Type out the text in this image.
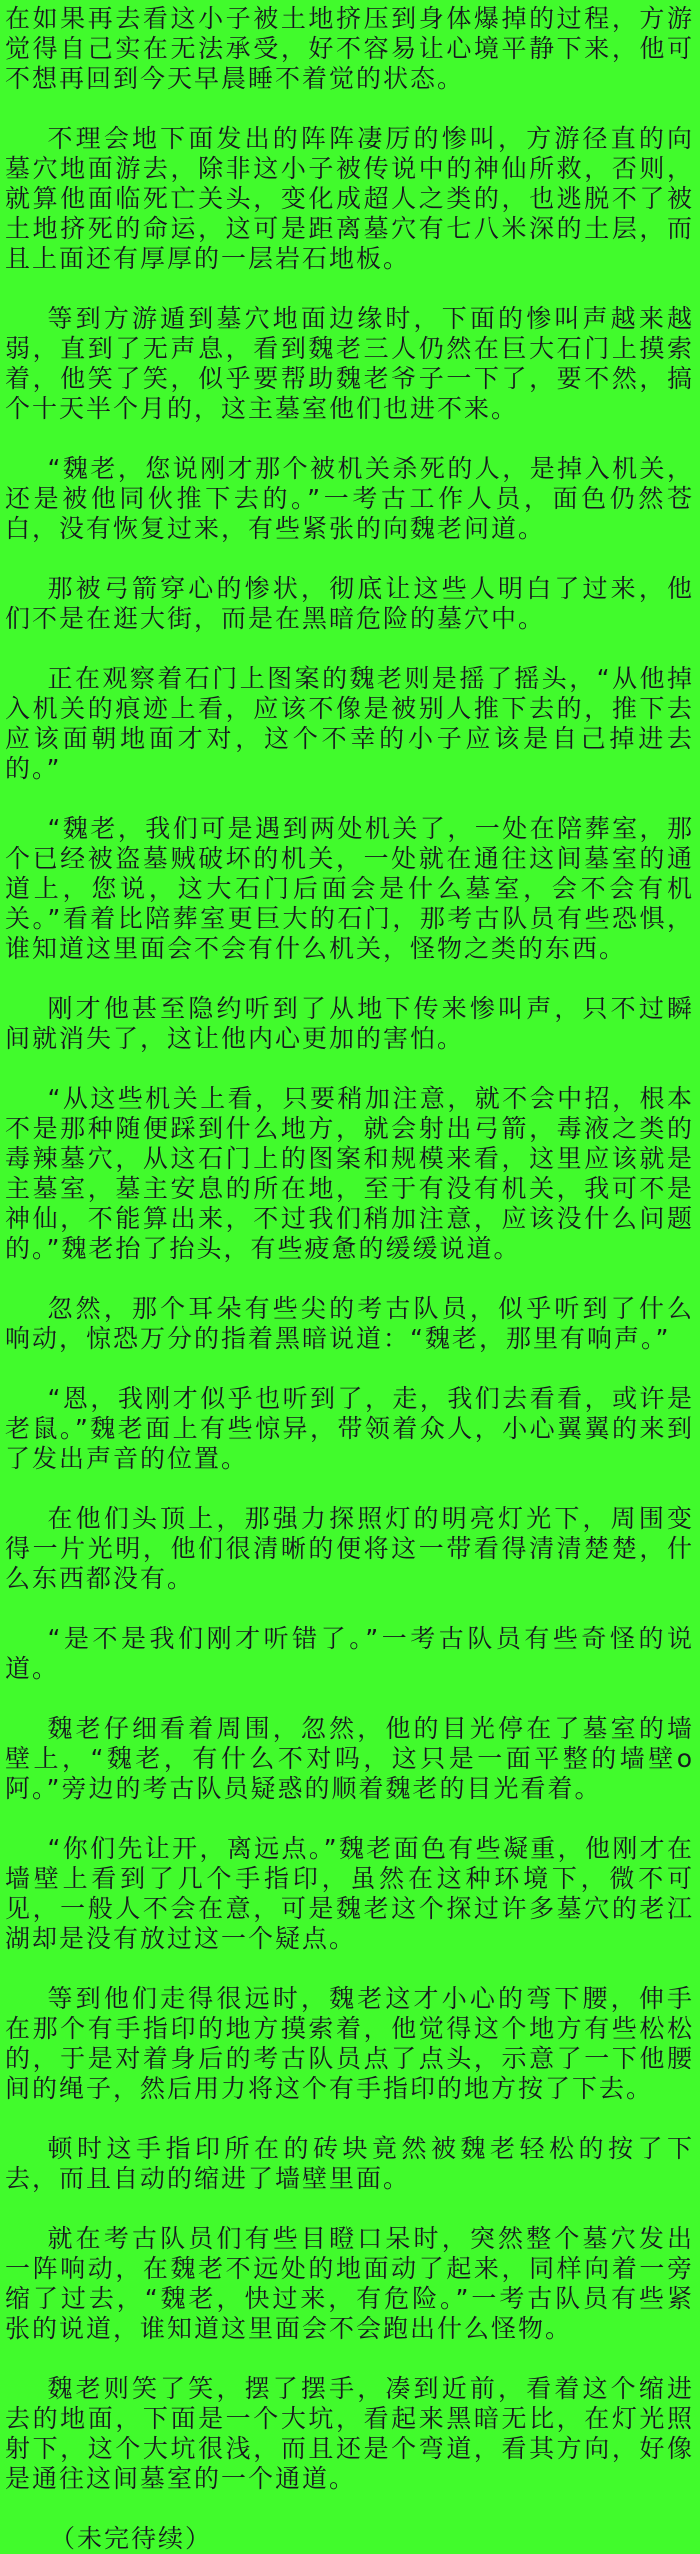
在如果再去看这小子被土地挤压到身体爆掉的过程，方游觉得自己实在无法承受，好不容易让心境平静下来，他可不想再回到今天早晨睡不着觉的状态。

不理会地下面发出的阵阵凄厉的惨叫，方游径直的向墓穴地面游去，除非这小子被传说中的神仙所救，否则，就算他面临死亡关头，变化成超人之类的，也逃脱不了被土地挤死的命运，这可是距离墓穴有七八米深的土层，而且上面还有厚厚的一层岩石地板。

等到方游遁到墓穴地面边缘时，下面的惨叫声越来越弱，直到了无声息，看到魏老三人仍然在巨大石门上摸索着，他笑了笑，似乎要帮助魏老爷子一下了，要不然，搞个十天半个月的，这主墓室他们也进不来。

“魏老，您说刚才那个被机关杀死的人，是掉入机关，还是被他同伙推下去的。”一考古工作人员，面色仍然苍白，没有恢复过来，有些紧张的向魏老问道。

那被弓箭穿心的惨状，彻底让这些人明白了过来，他们不是在逛大街，而是在黑暗危险的墓穴中。

正在观察着石门上图案的魏老则是摇了摇头，“从他掉入机关的痕迹上看，应该不像是被别人推下去的，推下去应该面朝地面才对，这个不幸的小子应该是自己掉进去的。”

“魏老，我们可是遇到两处机关了，一处在陪葬室，那个已经被盗墓贼破坏的机关，一处就在通往这间墓室的通道上，您说，这大石门后面会是什么墓室，会不会有机关。”看着比陪葬室更巨大的石门，那考古队员有些恐惧，谁知道这里面会不会有什么机关，怪物之类的东西。

刚才他甚至隐约听到了从地下传来惨叫声，只不过瞬间就消失了，这让他内心更加的害怕。

“从这些机关上看，只要稍加注意，就不会中招，根本不是那种随便踩到什么地方，就会射出弓箭，毒液之类的毒辣墓穴，从这石门上的图案和规模来看，这里应该就是主墓室，墓主安息的所在地，至于有没有机关，我可不是神仙，不能算出来，不过我们稍加注意，应该没什么问题的。”魏老抬了抬头，有些疲惫的缓缓说道。

忽然，那个耳朵有些尖的考古队员，似乎听到了什么响动，惊恐万分的指着黑暗说道：“魏老，那里有响声。”

“恩，我刚才似乎也听到了，走，我们去看看，或许是老鼠。”魏老面上有些惊异，带领着众人，小心翼翼的来到了发出声音的位置。

在他们头顶上，那强力探照灯的明亮灯光下，周围变得一片光明，他们很清晰的便将这一带看得清清楚楚，什么东西都没有。

“是不是我们刚才听错了。”一考古队员有些奇怪的说道。

魏老仔细看着周围，忽然，他的目光停在了墓室的墙壁上，“魏老，有什么不对吗，这只是一面平整的墙壁o阿。”旁边的考古队员疑惑的顺着魏老的目光看着。

“你们先让开，离远点。”魏老面色有些凝重，他刚才在墙壁上看到了几个手指印，虽然在这种环境下，微不可见，一般人不会在意，可是魏老这个探过许多墓穴的老江湖却是没有放过这一个疑点。

等到他们走得很远时，魏老这才小心的弯下腰，伸手在那个有手指印的地方摸索着，他觉得这个地方有些松松的，于是对着身后的考古队员点了点头，示意了一下他腰间的绳子，然后用力将这个有手指印的地方按了下去。

顿时这手指印所在的砖块竟然被魏老轻松的按了下去，而且自动的缩进了墙壁里面。

就在考古队员们有些目瞪口呆时，突然整个墓穴发出一阵响动，在魏老不远处的地面动了起来，同样向着一旁缩了过去，“魏老，快过来，有危险。”一考古队员有些紧张的说道，谁知道这里面会不会跑出什么怪物。

魏老则笑了笑，摆了摆手，凑到近前，看着这个缩进去的地面，下面是一个大坑，看起来黑暗无比，在灯光照射下，这个大坑很浅，而且还是个弯道，看其方向，好像是通往这间墓室的一个通道。

（未完待续）
